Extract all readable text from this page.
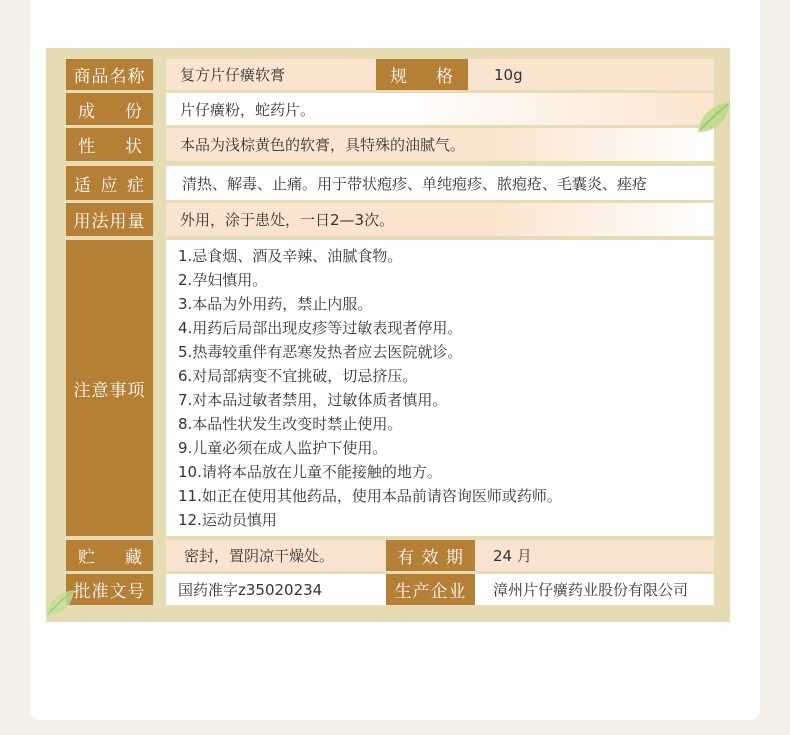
商品名称 复方片仔癀软膏	规 格	10g
成 份 片仔癀粉，蛇药片。
性 状 本品为浅棕黄色的软膏，具特殊的油腻气。
适 应 症 清热、解毒、止痛。用于带状疱疹、单纯疱疹、脓疱疮、毛囊炎、痤疮
用法用量 外用，涂于患处，一日2—3次。
注意事项
1.忌食烟、酒及辛辣、油腻食物。
2.孕妇慎用。
3.本品为外用药，禁止内服。
4.用药后局部出现皮疹等过敏表现者停用。
5.热毒较重伴有恶寒发热者应去医院就诊。
6.对局部病变不宜挑破，切忌挤压。
7.对本品过敏者禁用，过敏体质者慎用。
8.本品性状发生改变时禁止使用。
9.儿童必须在成人监护下使用。
10.请将本品放在儿童不能接触的地方。
11.如正在使用其他药品，使用本品前请咨询医师或药师。
12.运动员慎用
贮 藏	密封，置阴凉干燥处。	有 效 期 24 月
批准文号 国药准字z35020234	生产企业 漳州片仔癀药业股份有限公司
